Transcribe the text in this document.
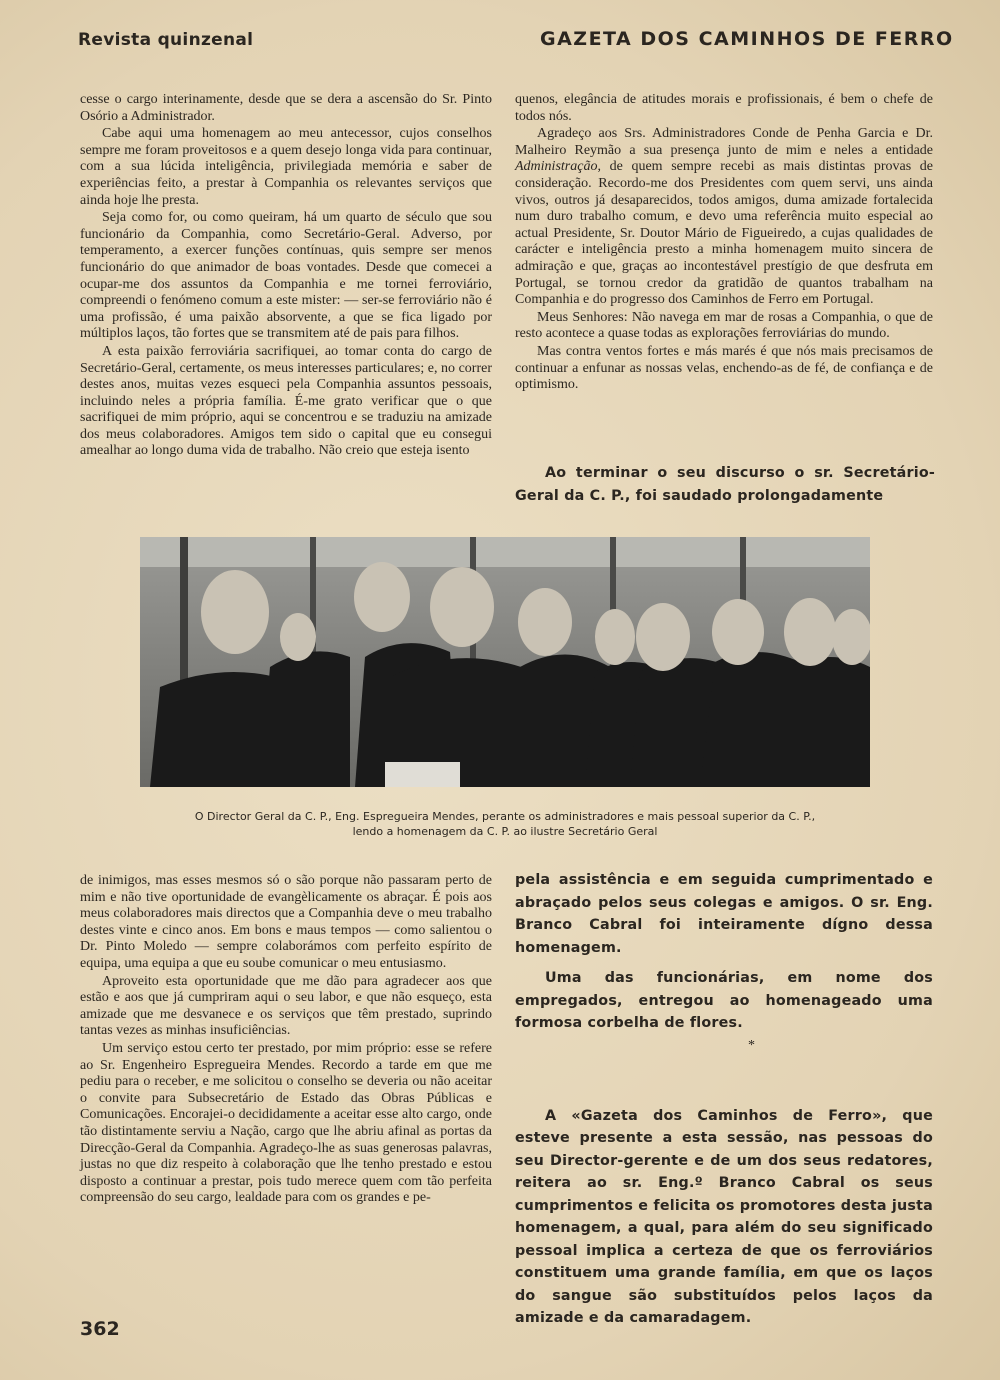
Revista quinzenal	GAZETA DOS CAMINHOS DE FERRO

cesse o cargo interinamente, desde que se dera a ascensão do Sr. Pinto Osório a Administrador.

Cabe aqui uma homenagem ao meu antecessor, cujos conselhos sempre me foram proveitosos e a quem desejo longa vida para continuar, com a sua lúcida inteligência, privilegiada memória e saber de experiências feito, a prestar à Companhia os relevantes serviços que ainda hoje lhe presta.

Seja como for, ou como queiram, há um quarto de século que sou funcionário da Companhia, como Secretário-Geral. Adverso, por temperamento, a exercer funções contínuas, quis sempre ser menos funcionário do que animador de boas vontades. Desde que comecei a ocupar-me dos assuntos da Companhia e me tornei ferroviário, compreendi o fenómeno comum a este mister: — ser-se ferroviário não é uma profissão, é uma paixão absorvente, a que se fica ligado por múltiplos laços, tão fortes que se transmitem até de pais para filhos.

A esta paixão ferroviária sacrifiquei, ao tomar conta do cargo de Secretário-Geral, certamente, os meus interesses particulares; e, no correr destes anos, muitas vezes esqueci pela Companhia assuntos pessoais, incluindo neles a própria família. É-me grato verificar que o que sacrifiquei de mim próprio, aqui se concentrou e se traduziu na amizade dos meus colaboradores. Amigos tem sido o capital que eu consegui amealhar ao longo duma vida de trabalho. Não creio que esteja isento

quenos, elegância de atitudes morais e profissionais, é bem o chefe de todos nós.

Agradeço aos Srs. Administradores Conde de Penha Garcia e Dr. Malheiro Reymão a sua presença junto de mim e neles a entidade Administração, de quem sempre recebi as mais distintas provas de consideração. Recordo-me dos Presidentes com quem servi, uns ainda vivos, outros já desaparecidos, todos amigos, duma amizade fortalecida num duro trabalho comum, e devo uma referência muito especial ao actual Presidente, Sr. Doutor Mário de Figueiredo, a cujas qualidades de carácter e inteligência presto a minha homenagem muito sincera de admiração e que, graças ao incontestável prestígio de que desfruta em Portugal, se tornou credor da gratidão de quantos trabalham na Companhia e do progresso dos Caminhos de Ferro em Portugal.

Meus Senhores: Não navega em mar de rosas a Companhia, o que de resto acontece a quase todas as explorações ferroviárias do mundo.

Mas contra ventos fortes e más marés é que nós mais precisamos de continuar a enfunar as nossas velas, enchendo-as de fé, de confiança e de optimismo.

Ao terminar o seu discurso o sr. Secretário-Geral da C. P., foi saudado prolongadamente
O Director Geral da C. P., Eng. Espregueira Mendes, perante os administradores e mais pessoal superior da C. P.,
lendo a homenagem da C. P. ao ilustre Secretário Geral

de inimigos, mas esses mesmos só o são porque não passaram perto de mim e não tive oportunidade de evangèlicamente os abraçar. É pois aos meus colaboradores mais directos que a Companhia deve o meu trabalho destes vinte e cinco anos. Em bons e maus tempos — como salientou o Dr. Pinto Moledo — sempre colaborámos com perfeito espírito de equipa, uma equipa a que eu soube comunicar o meu entusiasmo.

Aproveito esta oportunidade que me dão para agradecer aos que estão e aos que já cumpriram aqui o seu labor, e que não esqueço, esta amizade que me desvanece e os serviços que têm prestado, suprindo tantas vezes as minhas insuficiências.

Um serviço estou certo ter prestado, por mim próprio: esse se refere ao Sr. Engenheiro Espregueira Mendes. Recordo a tarde em que me pediu para o receber, e me solicitou o conselho se deveria ou não aceitar o convite para Subsecretário de Estado das Obras Públicas e Comunicações. Encorajei-o decididamente a aceitar esse alto cargo, onde tão distintamente serviu a Nação, cargo que lhe abriu afinal as portas da Direcção-Geral da Companhia. Agradeço-lhe as suas generosas palavras, justas no que diz respeito à colaboração que lhe tenho prestado e estou disposto a continuar a prestar, pois tudo merece quem com tão perfeita compreensão do seu cargo, lealdade para com os grandes e pe-

pela assistência e em seguida cumprimentado e abraçado pelos seus colegas e amigos. O sr. Eng. Branco Cabral foi inteiramente dígno dessa homenagem.
Uma das funcionárias, em nome dos empregados, entregou ao homenageado uma formosa corbelha de flores.
A «Gazeta dos Caminhos de Ferro», que esteve presente a esta sessão, nas pessoas do seu Director-gerente e de um dos seus redatores, reitera ao sr. Eng.º Branco Cabral os seus cumprimentos e felicita os promotores desta justa homenagem, a qual, para além do seu significado pessoal implica a certeza de que os ferroviários constituem uma grande família, em que os laços do sangue são substituídos pelos laços da amizade e da camaradagem.
*
362
